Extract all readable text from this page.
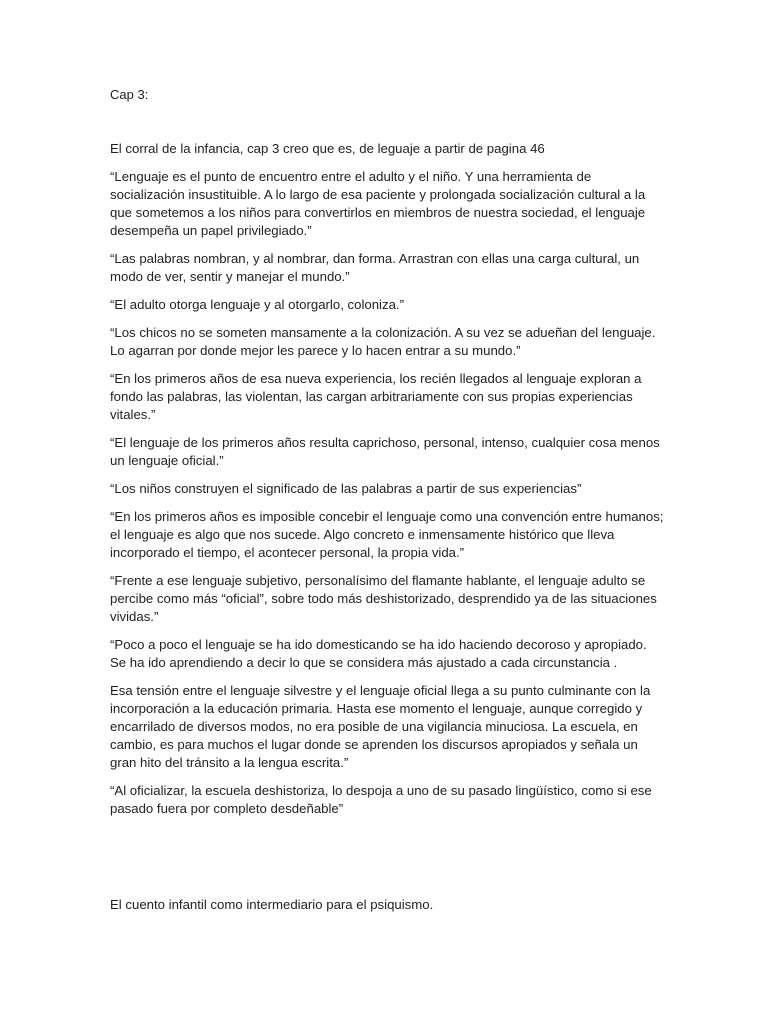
Cap 3:

El corral de la infancia, cap 3 creo que es, de leguaje a partir de pagina 46

“Lenguaje es el punto de encuentro entre el adulto y el niño. Y una herramienta de socialización insustituible. A lo largo de esa paciente y prolongada socialización cultural a la que sometemos a los niños para convertirlos en miembros de nuestra sociedad, el lenguaje desempeña un papel privilegiado.”

“Las palabras nombran, y al nombrar, dan forma. Arrastran con ellas una carga cultural, un modo de ver, sentir y manejar el mundo.”

“El adulto otorga lenguaje y al otorgarlo, coloniza.”

“Los chicos no se someten mansamente a la colonización. A su vez se adueñan del lenguaje. Lo agarran por donde mejor les parece y lo hacen entrar a su mundo.”

“En los primeros años de esa nueva experiencia, los recién llegados al lenguaje exploran a fondo las palabras, las violentan, las cargan arbitrariamente con sus propias experiencias vitales.”

“El lenguaje de los primeros años resulta caprichoso, personal, intenso, cualquier cosa menos un lenguaje oficial.”

“Los niños construyen el significado de las palabras a partir de sus experiencias”

“En los primeros años es imposible concebir el lenguaje como una convención entre humanos; el lenguaje es algo que nos sucede. Algo concreto e inmensamente histórico que lleva incorporado el tiempo, el acontecer personal, la propia vida.”

“Frente a ese lenguaje subjetivo, personalísimo del flamante hablante, el lenguaje adulto se percibe como más “oficial”, sobre todo más deshistorizado, desprendido ya de las situaciones vividas.”

“Poco a poco el lenguaje se ha ido domesticando se ha ido haciendo decoroso y apropiado. Se ha ido aprendiendo a decir lo que se considera más ajustado a cada circunstancia .

Esa tensión entre el lenguaje silvestre y el lenguaje oficial llega a su punto culminante con la incorporación a la educación primaria. Hasta ese momento el lenguaje, aunque corregido y encarrilado de diversos modos, no era posible de una vigilancia minuciosa. La escuela, en cambio, es para muchos el lugar donde se aprenden los discursos apropiados y señala un gran hito del tránsito a la lengua escrita.”

“Al oficializar, la escuela deshistoriza, lo despoja a uno de su pasado lingüístico, como si ese pasado fuera por completo desdeñable”

El cuento infantil como intermediario para el psiquismo.
